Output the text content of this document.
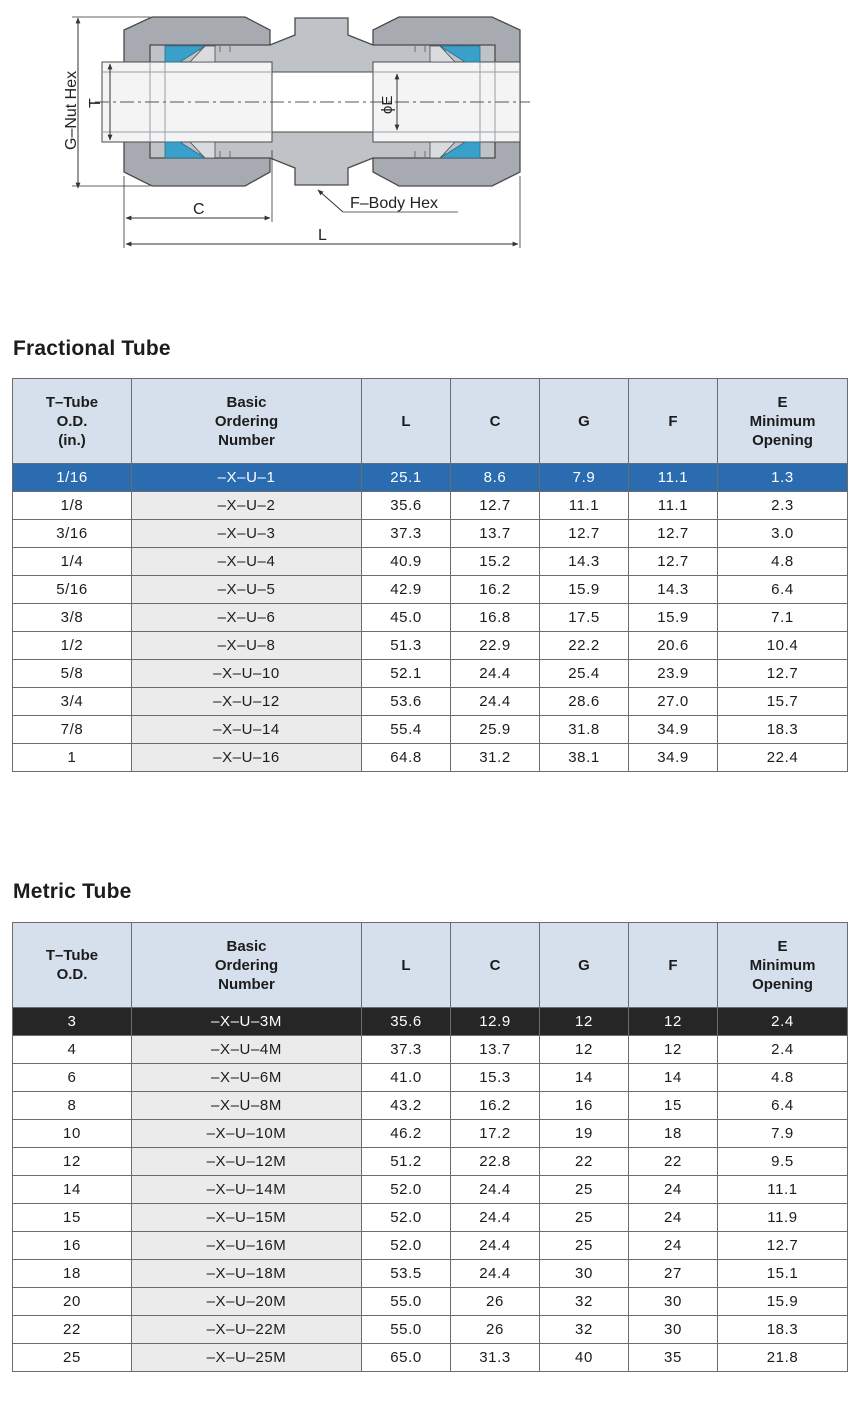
G–Nut Hex T	ϕE
C
L
F–Body Hex
Fractional Tube
T–Tube
O.D.
(in.)	Basic
Ordering
Number	L	C	G	F	E
Minimum
Opening
1/16	–X–U–1	25.1	8.6	7.9	11.1	1.3
1/8	–X–U–2	35.6	12.7	11.1	11.1	2.3
3/16	–X–U–3	37.3	13.7	12.7	12.7	3.0
1/4	–X–U–4	40.9	15.2	14.3	12.7	4.8
5/16	–X–U–5	42.9	16.2	15.9	14.3	6.4
3/8	–X–U–6	45.0	16.8	17.5	15.9	7.1
1/2	–X–U–8	51.3	22.9	22.2	20.6	10.4
5/8	–X–U–10	52.1	24.4	25.4	23.9	12.7
3/4	–X–U–12	53.6	24.4	28.6	27.0	15.7
7/8	–X–U–14	55.4	25.9	31.8	34.9	18.3
1	–X–U–16	64.8	31.2	38.1	34.9	22.4
Metric Tube
T–Tube
O.D.	Basic
Ordering
Number	L	C	G	F	E
Minimum
Opening
3	–X–U–3M	35.6	12.9	12	12	2.4
4	–X–U–4M	37.3	13.7	12	12	2.4
6	–X–U–6M	41.0	15.3	14	14	4.8
8	–X–U–8M	43.2	16.2	16	15	6.4
10	–X–U–10M	46.2	17.2	19	18	7.9
12	–X–U–12M	51.2	22.8	22	22	9.5
14	–X–U–14M	52.0	24.4	25	24	11.1
15	–X–U–15M	52.0	24.4	25	24	11.9
16	–X–U–16M	52.0	24.4	25	24	12.7
18	–X–U–18M	53.5	24.4	30	27	15.1
20	–X–U–20M	55.0	26	32	30	15.9
22	–X–U–22M	55.0	26	32	30	18.3
25	–X–U–25M	65.0	31.3	40	35	21.8
